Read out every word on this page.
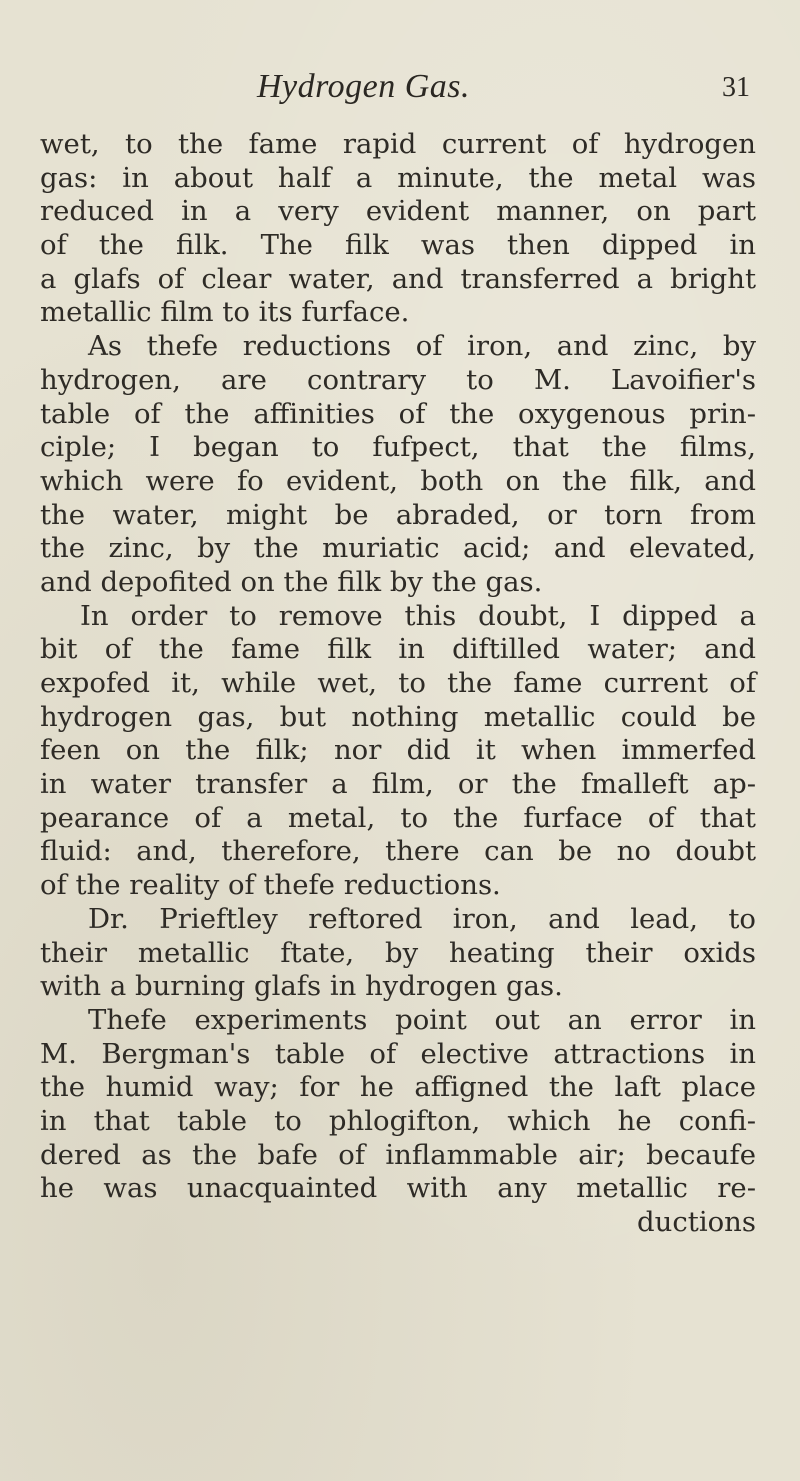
Hydrogen Gas.	31
wet, to the fame rapid current of hydrogen
gas: in about half a minute, the metal was
reduced in a very evident manner, on part
of the filk. The filk was then dipped in
a glafs of clear water, and transferred a bright
metallic film to its furface.
As thefe reductions of iron, and zinc, by
hydrogen, are contrary to M. Lavoifier's
table of the affinities of the oxygenous prin-
ciple; I began to fufpect, that the films,
which were fo evident, both on the filk, and
the water, might be abraded, or torn from
the zinc, by the muriatic acid; and elevated,
and depofited on the filk by the gas.
In order to remove this doubt, I dipped a
bit of the fame filk in diftilled water; and
expofed it, while wet, to the fame current of
hydrogen gas, but nothing metallic could be
feen on the filk; nor did it when immerfed
in water transfer a film, or the fmalleft ap-
pearance of a metal, to the furface of that
fluid: and, therefore, there can be no doubt
of the reality of thefe reductions.
Dr. Prieftley reftored iron, and lead, to
their metallic ftate, by heating their oxids
with a burning glafs in hydrogen gas.
Thefe experiments point out an error in
M. Bergman's table of elective attractions in
the humid way; for he affigned the laft place
in that table to phlogifton, which he confi-
dered as the bafe of inflammable air; becaufe
he was unacquainted with any metallic re-
ductions
